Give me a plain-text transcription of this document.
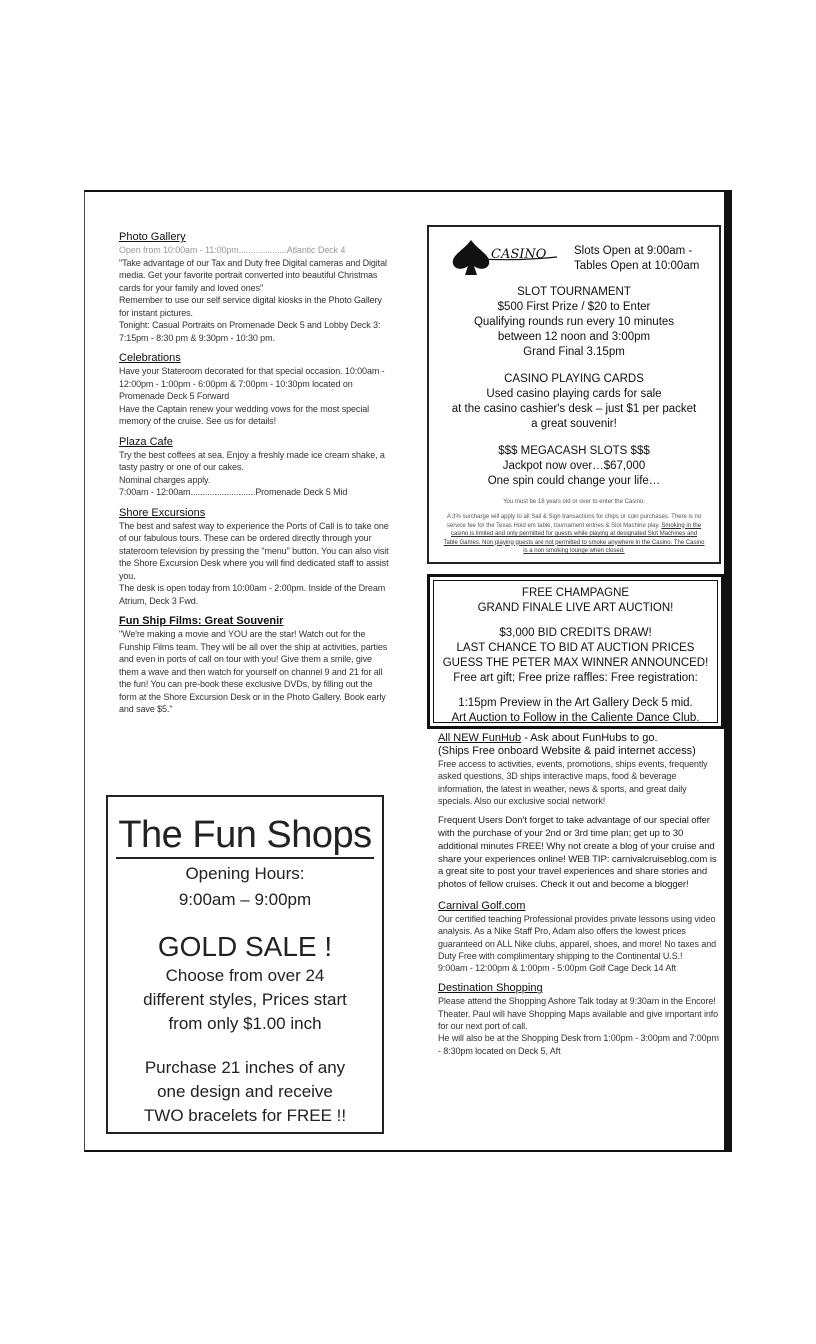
Photo Gallery
Open from 10:00am - 11:00pm....................Atlantic Deck 4
"Take advantage of our Tax and Duty free Digital cameras and Digital media. Get your favorite portrait converted into beautiful Christmas cards for your family and loved ones"
Remember to use our self service digital kiosks in the Photo Gallery for instant pictures.
Tonight: Casual Portraits on Promenade Deck 5 and Lobby Deck 3: 7:15pm - 8:30 pm & 9:30pm - 10:30 pm.
Celebrations
Have your Stateroom decorated for that special occasion. 10:00am - 12:00pm - 1:00pm - 6:00pm & 7:00pm - 10:30pm located on Promenade Deck 5 Forward
Have the Captain renew your wedding vows for the most special memory of the cruise. See us for details!
Plaza Cafe
Try the best coffees at sea. Enjoy a freshly made ice cream shake, a tasty pastry or one of our cakes.
Nominal charges apply.
7:00am - 12:00am...........................Promenade Deck 5 Mid
Shore Excursions
The best and safest way to experience the Ports of Call is to take one of our fabulous tours. These can be ordered directly through your stateroom television by pressing the "menu" button. You can also visit the Shore Excursion Desk where you will find dedicated staff to assist you.
The desk is open today from 10:00am - 2:00pm. Inside of the Dream Atrium, Deck 3 Fwd.
Fun Ship Films: Great Souvenir
"We're making a movie and YOU are the star! Watch out for the Funship Films team. They will be all over the ship at activities, parties and even in ports of call on tour with you! Give them a smile, give them a wave and then watch for yourself on channel 9 and 21 for all the fun! You can pre-book these exclusive DVDs, by filling out the form at the Shore Excursion Desk or in the Photo Gallery. Book early and save $5."
The Fun Shops
Opening Hours:
9:00am – 9:00pm
GOLD SALE !
Choose from over 24
different styles, Prices start
from only $1.00 inch
Purchase 21 inches of any
one design and receive
TWO bracelets for FREE !!
CASINO Slots Open at 9:00am -
Tables Open at 10:00am
SLOT TOURNAMENT
$500 First Prize / $20 to Enter
Qualifying rounds run every 10 minutes
between 12 noon and 3:00pm
Grand Final 3.15pm
CASINO PLAYING CARDS
Used casino playing cards for sale
at the casino cashier's desk – just $1 per packet
a great souvenir!
$$$ MEGACASH SLOTS $$$
Jackpot now over…$67,000
One spin could change your life…
You must be 18 years old or over to enter the Casino.
A 3% surcharge will apply to all Sail & Sign transactions for chips or coin purchases. There is no service fee for the Texas Hold em table, tournament entries & Slot Machine play. Smoking in the casino is limited and only permitted for guests while playing at designated Slot Machines and Table Games. Non playing guests are not permitted to smoke anywhere in the Casino. The Casino is a non smoking lounge when closed.
FREE CHAMPAGNE
GRAND FINALE LIVE ART AUCTION!
$3,000 BID CREDITS DRAW!
LAST CHANCE TO BID AT AUCTION PRICES
GUESS THE PETER MAX WINNER ANNOUNCED!
Free art gift; Free prize raffles: Free registration:
1:15pm Preview in the Art Gallery Deck 5 mid.
Art Auction to Follow in the Caliente Dance Club.
All NEW FunHub - Ask about FunHubs to go.
(Ships Free onboard Website & paid internet access)
Free access to activities, events, promotions, ships events, frequently asked questions, 3D ships interactive maps, food & beverage information, the latest in weather, news & sports, and great daily specials. Also our exclusive social network!
Frequent Users Don't forget to take advantage of our special offer with the purchase of your 2nd or 3rd time plan; get up to 30 additional minutes FREE! Why not create a blog of your cruise and share your experiences online! WEB TIP: carnivalcruiseblog.com is a great site to post your travel experiences and share stories and photos of fellow cruises. Check it out and become a blogger!
Carnival Golf.com
Our certified teaching Professional provides private lessons using video analysis. As a Nike Staff Pro, Adam also offers the lowest prices guaranteed on ALL Nike clubs, apparel, shoes, and more! No taxes and Duty Free with complimentary shipping to the Continental U.S.!
9:00am - 12:00pm & 1:00pm - 5:00pm Golf Cage Deck 14 Aft
Destination Shopping
Please attend the Shopping Ashore Talk today at 9:30am in the Encore! Theater. Paul will have Shopping Maps available and give important info for our next port of call.
He will also be at the Shopping Desk from 1:00pm - 3:00pm and 7:00pm - 8:30pm located on Deck 5, Aft
